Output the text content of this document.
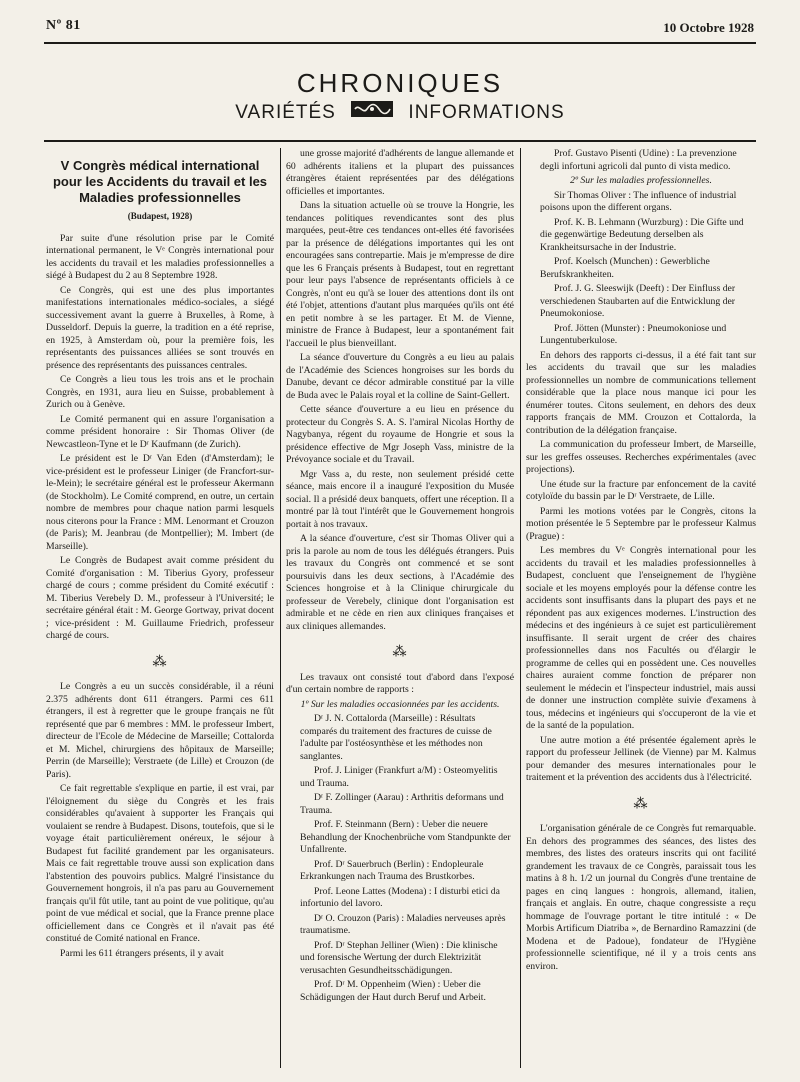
Nº 81	10 Octobre 1928
CHRONIQUES
VARIÉTÉS	INFORMATIONS
V Congrès médical international pour les Accidents du travail et les Maladies professionnelles
(Budapest, 1928)

Par suite d'une résolution prise par le Comité international permanent, le Vᵉ Congrès international pour les accidents du travail et les maladies professionnelles a siégé à Budapest du 2 au 8 Septembre 1928.

Ce Congrès, qui est une des plus importantes manifestations internationales médico-sociales, a siégé successivement avant la guerre à Bruxelles, à Rome, à Dusseldorf. Depuis la guerre, la tradition en a été reprise, en 1925, à Amsterdam où, pour la première fois, les représentants des puissances alliées se sont trouvés en présence des représentants des puissances centrales.

Ce Congrès a lieu tous les trois ans et le prochain Congrès, en 1931, aura lieu en Suisse, probablement à Zurich ou à Genève.

Le Comité permanent qui en assure l'organisation a comme président honoraire : Sir Thomas Oliver (de Newcastleon-Tyne et le Dʳ Kaufmann (de Zurich).

Le président est le Dʳ Van Eden (d'Amsterdam); le vice-président est le professeur Liniger (de Francfort-sur-le-Mein); le secrétaire général est le professeur Akermann (de Stockholm). Le Comité comprend, en outre, un certain nombre de membres pour chaque nation parmi lesquels nous citerons pour la France : MM. Lenormant et Crouzon (de Paris); M. Jeanbrau (de Montpellier); M. Imbert (de Marseille).

Le Congrès de Budapest avait comme président du Comité d'organisation : M. Tiberius Gyory, professeur chargé de cours ; comme président du Comité exécutif : M. Tiberius Verebely D. M., professeur à l'Université; le secrétaire général était : M. George Gortway, privat docent ; vice-président : M. Guillaume Friedrich, professeur chargé de cours.

⁂

Le Congrès a eu un succès considérable, il a réuni 2.375 adhérents dont 611 étrangers. Parmi ces 611 étrangers, il est à regretter que le groupe français ne fût représenté que par 6 membres : MM. le professeur Imbert, directeur de l'Ecole de Médecine de Marseille; Cottalorda et M. Michel, chirurgiens des hôpitaux de Marseille; Perrin (de Marseille); Verstraete (de Lille) et Crouzon (de Paris).

Ce fait regrettable s'explique en partie, il est vrai, par l'éloignement du siège du Congrès et les frais considérables qu'avaient à supporter les Français qui voulaient se rendre à Budapest. Disons, toutefois, que si le voyage était particulièrement onéreux, le séjour à Budapest fut facilité grandement par les organisateurs. Mais ce fait regrettable trouve aussi son explication dans l'abstention des pouvoirs publics. Malgré l'insistance du Gouvernement hongrois, il n'a pas paru au Gouvernement français qu'il fût utile, tant au point de vue politique, qu'au point de vue médical et social, que la France prenne place officiellement dans ce Congrès et il n'avait pas été constitué de Comité national en France.

Parmi les 611 étrangers présents, il y avait

une grosse majorité d'adhérents de langue allemande et 60 adhérents italiens et la plupart des puissances étrangères étaient représentées par des délégations officielles et importantes.

Dans la situation actuelle où se trouve la Hongrie, les tendances politiques revendicantes sont des plus marquées, peut-être ces tendances ont-elles été favorisées par la présence de délégations importantes qui les ont encouragées sans contrepartie. Mais je m'empresse de dire que les 6 Français présents à Budapest, tout en regrettant pour leur pays l'absence de représentants officiels à ce Congrès, n'ont eu qu'à se louer des attentions dont ils ont été l'objet, attentions d'autant plus marquées qu'ils ont été en petit nombre à se les partager. Et M. de Vienne, ministre de France à Budapest, leur a spontanément fait l'accueil le plus bienveillant.

La séance d'ouverture du Congrès a eu lieu au palais de l'Académie des Sciences hongroises sur les bords du Danube, devant ce décor admirable constitué par la ville de Buda avec le Palais royal et la colline de Saint-Gellert.

Cette séance d'ouverture a eu lieu en présence du protecteur du Congrès S. A. S. l'amiral Nicolas Horthy de Nagybanya, régent du royaume de Hongrie et sous la présidence effective de Mgr Joseph Vass, ministre de la Prévoyance sociale et du Travail.

Mgr Vass a, du reste, non seulement présidé cette séance, mais encore il a inauguré l'exposition du Musée social. Il a présidé deux banquets, offert une réception. Il a montré par là tout l'intérêt que le Gouvernement hongrois portait à nos travaux.

A la séance d'ouverture, c'est sir Thomas Oliver qui a pris la parole au nom de tous les délégués étrangers. Puis les travaux du Congrès ont commencé et se sont poursuivis dans les deux sections, à l'Académie des Sciences hongroise et à la Clinique chirurgicale du professeur de Verebely, clinique dont l'organisation est admirable et ne cède en rien aux cliniques françaises et aux cliniques allemandes.

⁂

Les travaux ont consisté tout d'abord dans l'exposé d'un certain nombre de rapports :

1º Sur les maladies occasionnées par les accidents.

Dʳ J. N. Cottalorda (Marseille) : Résultats comparés du traitement des fractures de cuisse de l'adulte par l'ostéosynthèse et les méthodes non sanglantes.

Prof. J. Liniger (Frankfurt a/M) : Osteomyelitis und Trauma.

Dʳ F. Zollinger (Aarau) : Arthritis deformans und Trauma.

Prof. F. Steinmann (Bern) : Ueber die neuere Behandlung der Knochenbrüche vom Standpunkte der Unfallrente.

Prof. Dʳ Sauerbruch (Berlin) : Endopleurale Erkrankungen nach Trauma des Brustkorbes.

Prof. Leone Lattes (Modena) : I disturbi etici da infortunio del lavoro.

Dʳ O. Crouzon (Paris) : Maladies nerveuses après traumatisme.

Prof. Dʳ Stephan Jelliner (Wien) : Die klinische und forensische Wertung der durch Elektrizität verusachten Gesundheitsschädigungen.

Prof. Dʳ M. Oppenheim (Wien) : Ueber die Schädigungen der Haut durch Beruf und Arbeit.

Prof. Gustavo Pisenti (Udine) : La prevenzione degli infortuni agricoli dal punto di vista medico.

2º Sur les maladies professionnelles.

Sir Thomas Oliver : The influence of industrial poisons upon the different organs.

Prof. K. B. Lehmann (Wurzburg) : Die Gifte und die gegenwärtige Bedeutung derselben als Krankheitsursache in der Industrie.

Prof. Koelsch (Munchen) : Gewerbliche Berufskrankheiten.

Prof. J. G. Sleeswijk (Deeft) : Der Einfluss der verschiedenen Staubarten auf die Entwicklung der Pneumokoniose.

Prof. Jötten (Munster) : Pneumokoniose und Lungentuberkulose.

En dehors des rapports ci-dessus, il a été fait tant sur les accidents du travail que sur les maladies professionnelles un nombre de communications tellement considérable que la place nous manque ici pour les énumérer toutes. Citons seulement, en dehors des deux rapports français de MM. Crouzon et Cottalorda, la contribution de la délégation française.

La communication du professeur Imbert, de Marseille, sur les greffes osseuses. Recherches expérimentales (avec projections).

Une étude sur la fracture par enfoncement de la cavité cotyloïde du bassin par le Dʳ Verstraete, de Lille.

Parmi les motions votées par le Congrès, citons la motion présentée le 5 Septembre par le professeur Kalmus (Prague) :

Les membres du Vᵉ Congrès international pour les accidents du travail et les maladies professionnelles à Budapest, concluent que l'enseignement de l'hygiène sociale et les moyens employés pour la défense contre les accidents sont insuffisants dans la plupart des pays et ne répondent pas aux exigences modernes. L'instruction des médecins et des ingénieurs à ce sujet est particulièrement insuffisante. Il serait urgent de créer des chaires professionnelles dans nos Facultés ou d'élargir le programme de celles qui en possèdent une. Ces nouvelles chaires auraient comme fonction de préparer non seulement le médecin et l'inspecteur industriel, mais aussi de donner une instruction complète suivie d'examens à tous, médecins et ingénieurs qui s'occuperont de la vie et de la santé de la population.

Une autre motion a été présentée également après le rapport du professeur Jellinek (de Vienne) par M. Kalmus pour demander des mesures internationales pour le traitement et la prévention des accidents dus à l'électricité.

⁂

L'organisation générale de ce Congrès fut remarquable. En dehors des programmes des séances, des listes des membres, des listes des orateurs inscrits qui ont facilité grandement les travaux de ce Congrès, paraissait tous les matins à 8 h. 1/2 un journal du Congrès d'une trentaine de pages en cinq langues : hongrois, allemand, italien, français et anglais. En outre, chaque congressiste a reçu hommage de l'ouvrage portant le titre intitulé : « De Morbis Artificum Diatriba », de Bernardino Ramazzini (de Modena et de Padoue), fondateur de l'Hygiène professionnelle scientifique, né il y a trois cents ans environ.
